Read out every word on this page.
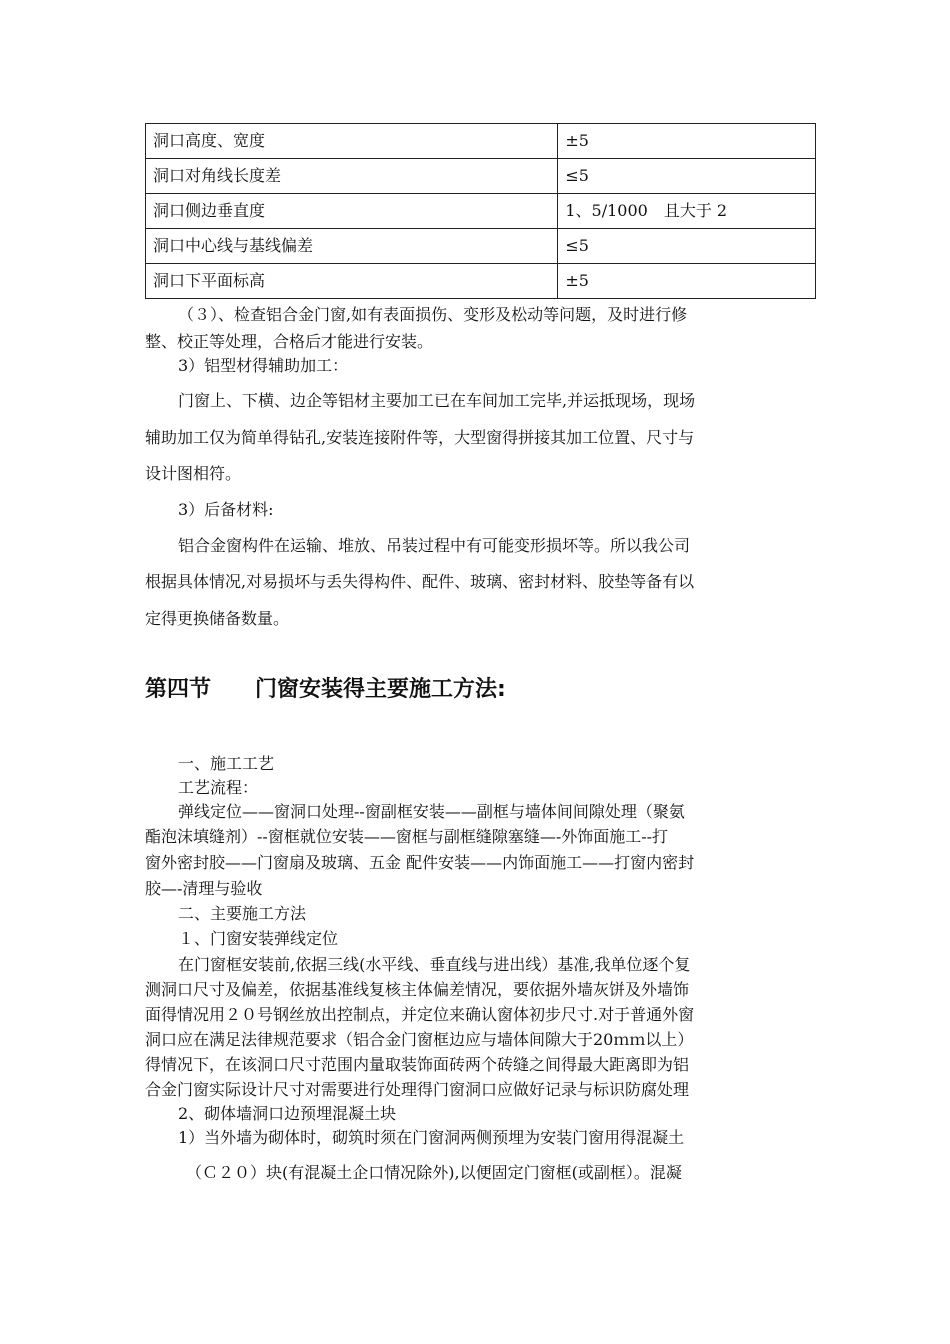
洞口高度、宽度	±5
洞口对角线长度差	≤5
洞口侧边垂直度	1、5/1000　且大于 2
洞口中心线与基线偏差	≤5
洞口下平面标高	±5
（３）、检查铝合金门窗,如有表面损伤、变形及松动等问题，及时进行修
整、校正等处理，合格后才能进行安装。
3）铝型材得辅助加工：
门窗上、下横、边企等铝材主要加工已在车间加工完毕,并运抵现场，现场
辅助加工仅为简单得钻孔,安装连接附件等，大型窗得拼接其加工位置、尺寸与
设计图相符。
3）后备材料:
铝合金窗构件在运输、堆放、吊装过程中有可能变形损坏等。所以我公司
根据具体情况,对易损坏与丢失得构件、配件、玻璃、密封材料、胶垫等备有以
定得更换储备数量。
第四节　　门窗安装得主要施工方法:
一、施工工艺
工艺流程：
弹线定位——窗洞口处理--窗副框安装——副框与墙体间间隙处理（聚氨
酯泡沫填缝剂）--窗框就位安装——窗框与副框缝隙塞缝—-外饰面施工--打
窗外密封胶——门窗扇及玻璃、五金 配件安装——内饰面施工——打窗内密封
胶—-清理与验收
二、主要施工方法
１、门窗安装弹线定位
在门窗框安装前,依据三线(水平线、垂直线与进出线）基准,我单位逐个复
测洞口尺寸及偏差，依据基准线复核主体偏差情况，要依据外墙灰饼及外墙饰
面得情况用２０号钢丝放出控制点，并定位来确认窗体初步尺寸.对于普通外窗
洞口应在满足法律规范要求（铝合金门窗框边应与墙体间隙大于20ｍｍ以上）
得情况下，在该洞口尺寸范围内量取装饰面砖两个砖缝之间得最大距离即为铝
合金门窗实际设计尺寸对需要进行处理得门窗洞口应做好记录与标识防腐处理
2、砌体墙洞口边预埋混凝土块
1）当外墙为砌体时，砌筑时须在门窗洞两侧预埋为安装门窗用得混凝土
（Ｃ２０）块(有混凝土企口情况除外),以便固定门窗框(或副框）。混凝
